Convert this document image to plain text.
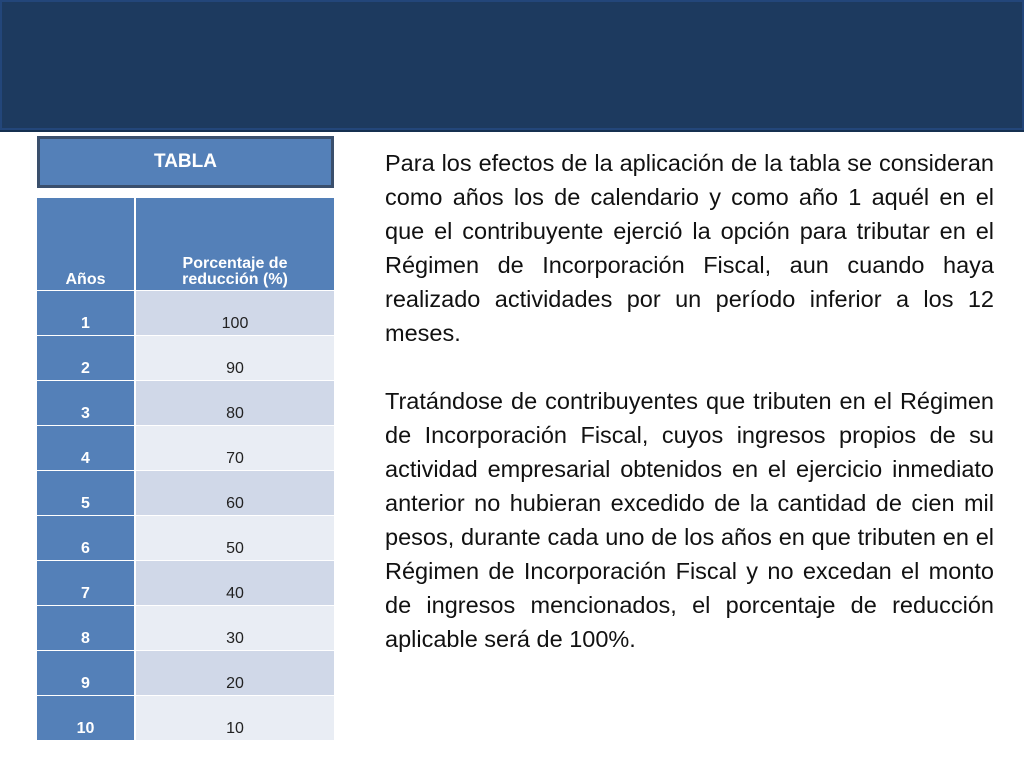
TABLA
Años	Porcentaje de reducción (%)
1	100
2	90
3	80
4	70
5	60
6	50
7	40
8	30
9	20
10	10

Para los efectos de la aplicación de la tabla se consideran como años los de calendario y como año 1 aquél en el que el contribuyente ejerció la opción para tributar en el Régimen de Incorporación Fiscal, aun cuando haya realizado actividades por un período inferior a los 12 meses.

Tratándose de contribuyentes que tributen en el Régimen de Incorporación Fiscal, cuyos ingresos propios de su actividad empresarial obtenidos en el ejercicio inmediato anterior no hubieran excedido de la cantidad de cien mil pesos, durante cada uno de los años en que tributen en el Régimen de Incorporación Fiscal y no excedan el monto de ingresos mencionados, el porcentaje de reducción aplicable será de 100%.
